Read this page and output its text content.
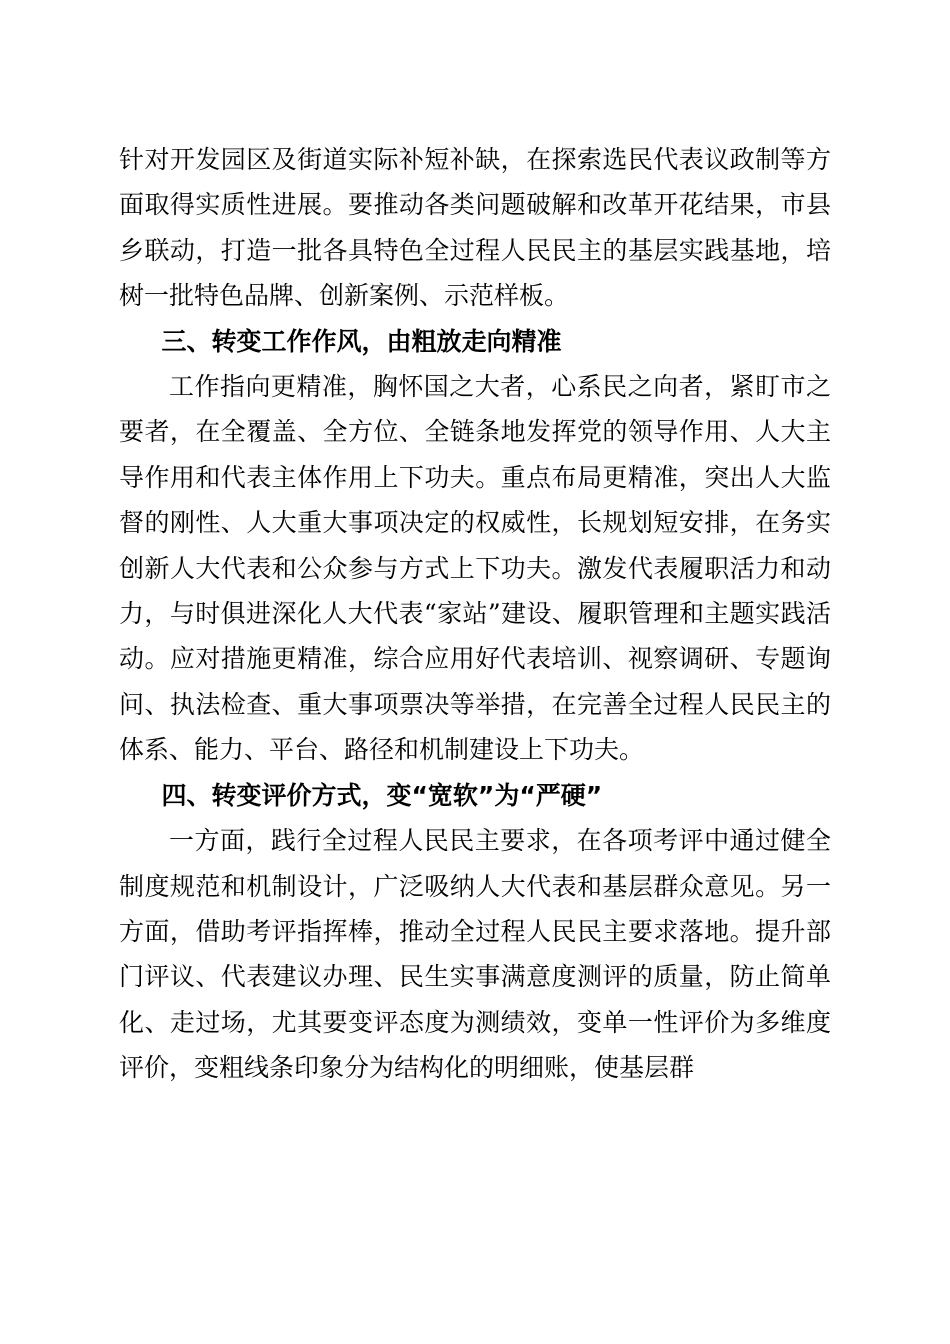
针对开发园区及街道实际补短补缺，在探索选民代表议政制等方面取得实质性进展。要推动各类问题破解和改革开花结果，市县乡联动，打造一批各具特色全过程人民民主的基层实践基地，培树一批特色品牌、创新案例、示范样板。

三、转变工作作风，由粗放走向精准

工作指向更精准，胸怀国之大者，心系民之向者，紧盯市之要者，在全覆盖、全方位、全链条地发挥党的领导作用、人大主导作用和代表主体作用上下功夫。重点布局更精准，突出人大监督的刚性、人大重大事项决定的权威性，长规划短安排，在务实创新人大代表和公众参与方式上下功夫。激发代表履职活力和动力，与时俱进深化人大代表“家站”建设、履职管理和主题实践活动。应对措施更精准，综合应用好代表培训、视察调研、专题询问、执法检查、重大事项票决等举措，在完善全过程人民民主的体系、能力、平台、路径和机制建设上下功夫。

四、转变评价方式，变“宽软”为“严硬”

一方面，践行全过程人民民主要求，在各项考评中通过健全制度规范和机制设计，广泛吸纳人大代表和基层群众意见。另一方面，借助考评指挥棒，推动全过程人民民主要求落地。提升部门评议、代表建议办理、民生实事满意度测评的质量，防止简单化、走过场，尤其要变评态度为测绩效，变单一性评价为多维度评价，变粗线条印象分为结构化的明细账，使基层群
